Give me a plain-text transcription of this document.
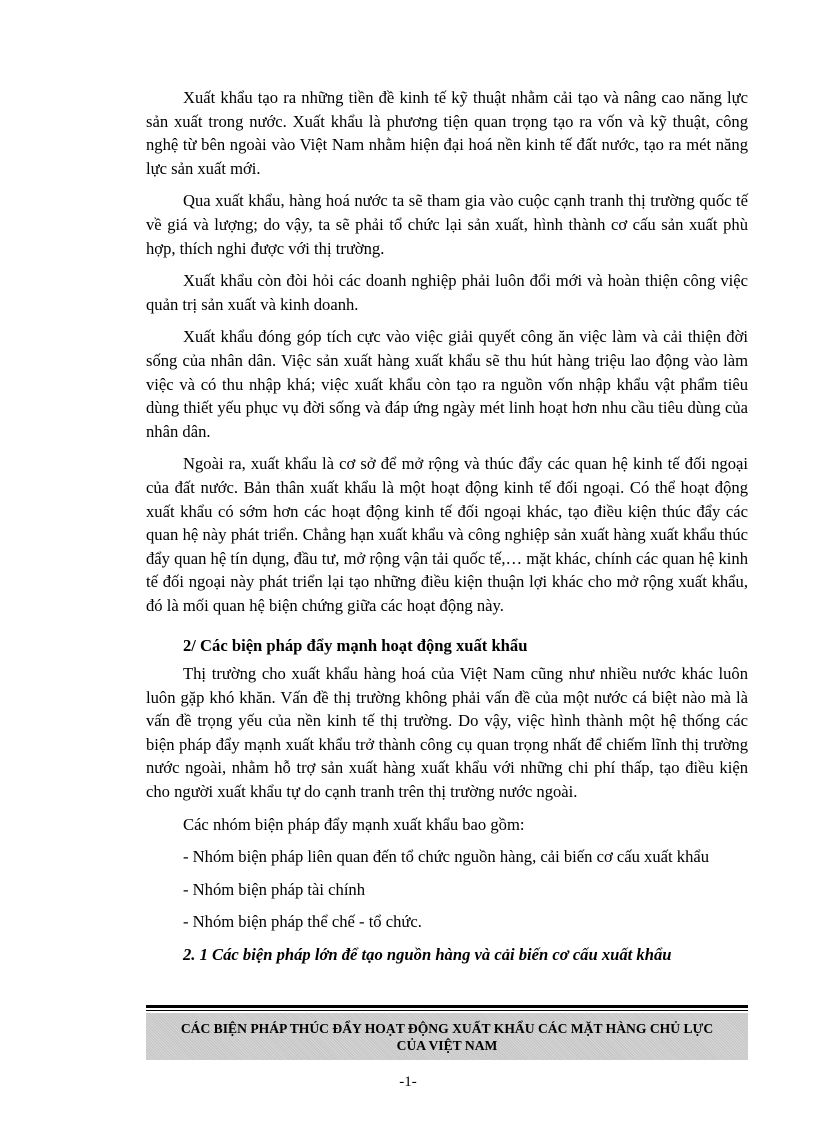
Xuất khẩu tạo ra những tiền đề kinh tế kỹ thuật nhằm cải tạo và nâng cao năng lực sản xuất trong nước. Xuất khẩu là phương tiện quan trọng tạo ra vốn và kỹ thuật, công nghệ từ bên ngoài vào Việt Nam nhằm hiện đại hoá nền kinh tế đất nước, tạo ra mét năng lực sản xuất mới.

Qua xuất khẩu, hàng hoá nước ta sẽ tham gia vào cuộc cạnh tranh thị trường quốc tế về giá và lượng; do vậy, ta sẽ phải tổ chức lại sản xuất, hình thành cơ cấu sản xuất phù hợp, thích nghi được với thị trường.

Xuất khẩu còn đòi hỏi các doanh nghiệp phải luôn đổi mới và hoàn thiện công việc quản trị sản xuất và kinh doanh.

Xuất khẩu đóng góp tích cực vào việc giải quyết công ăn việc làm và cải thiện đời sống của nhân dân. Việc sản xuất hàng xuất khẩu sẽ thu hút hàng triệu lao động vào làm việc và có thu nhập khá; việc xuất khẩu còn tạo ra nguồn vốn nhập khẩu vật phẩm tiêu dùng thiết yếu phục vụ đời sống và đáp ứng ngày mét linh hoạt hơn nhu cầu tiêu dùng của nhân dân.

Ngoài ra, xuất khẩu là cơ sở để mở rộng và thúc đẩy các quan hệ kinh tế đối ngoại của đất nước. Bản thân xuất khẩu là một hoạt động kinh tế đối ngoại. Có thể hoạt động xuất khẩu có sớm hơn các hoạt động kinh tế đối ngoại khác, tạo điều kiện thúc đẩy các quan hệ này phát triển. Chẳng hạn xuất khẩu và công nghiệp sản xuất hàng xuất khẩu thúc đẩy quan hệ tín dụng, đầu tư, mở rộng vận tải quốc tế,… mặt khác, chính các quan hệ kinh tế đối ngoại này phát triển lại tạo những điều kiện thuận lợi khác cho mở rộng xuất khẩu, đó là mối quan hệ biện chứng giữa các hoạt động này.

2/ Các biện pháp đẩy mạnh hoạt động xuất khẩu

Thị trường cho xuất khẩu hàng hoá của Việt Nam cũng như nhiều nước khác luôn luôn gặp khó khăn. Vấn đề thị trường không phải vấn đề của một nước cá biệt nào mà là vấn đề trọng yếu của nền kinh tế thị trường. Do vậy, việc hình thành một hệ thống các biện pháp đẩy mạnh xuất khẩu trở thành công cụ quan trọng nhất để chiếm lĩnh thị trường nước ngoài, nhằm hỗ trợ sản xuất hàng xuất khẩu với những chi phí thấp, tạo điều kiện cho người xuất khẩu tự do cạnh tranh trên thị trường nước ngoài.

Các nhóm biện pháp đẩy mạnh xuất khẩu bao gồm:

- Nhóm biện pháp liên quan đến tổ chức nguồn hàng, cải biến cơ cấu xuất khẩu

- Nhóm biện pháp tài chính

- Nhóm biện pháp thể chế - tổ chức.

2. 1 Các biện pháp lớn để tạo nguồn hàng và cải biến cơ cấu xuất khẩu

CÁC BIỆN PHÁP THÚC ĐẨY HOẠT ĐỘNG XUẤT KHẨU CÁC MẶT HÀNG CHỦ LỰC CỦA VIỆT NAM
-1-
